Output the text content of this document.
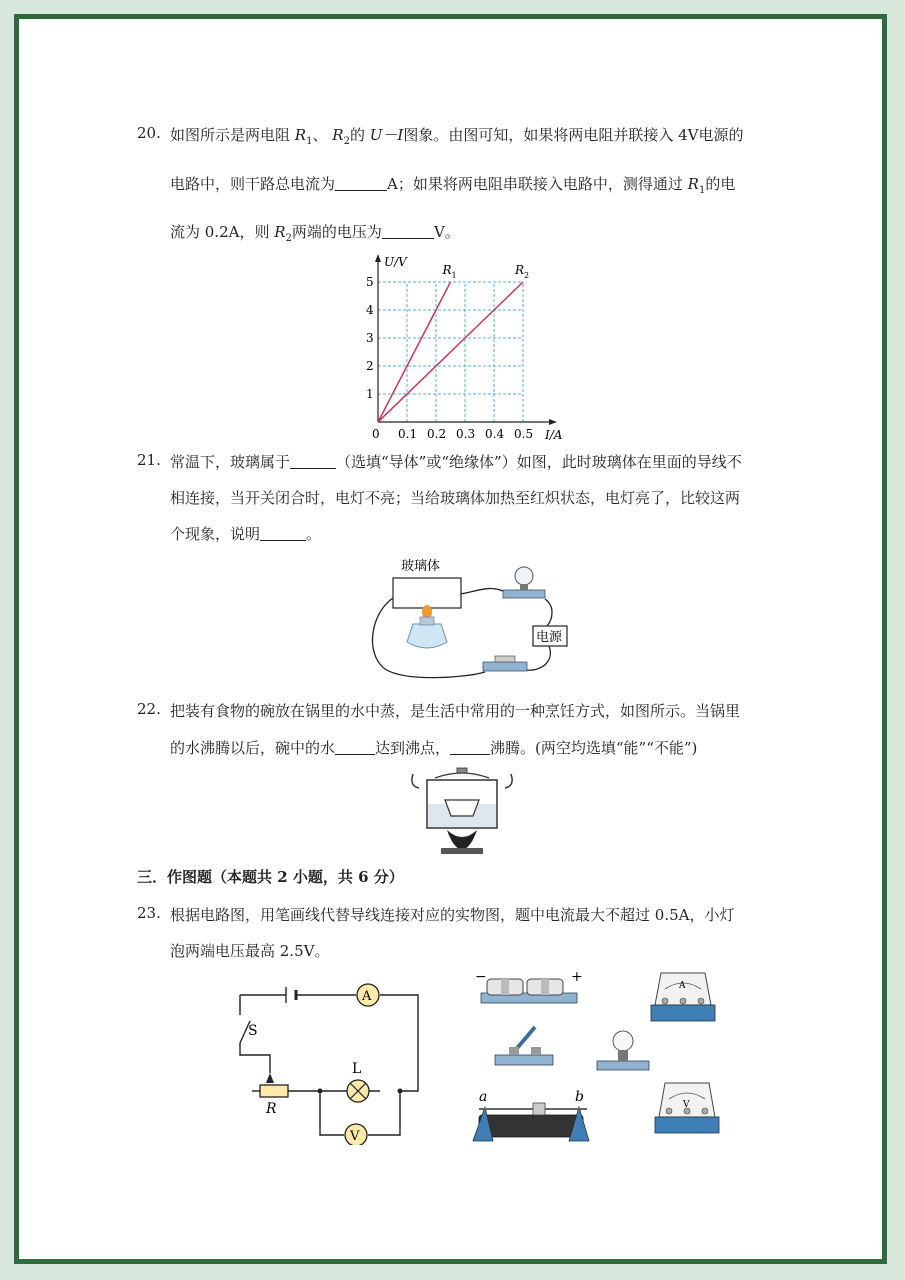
20. 如图所示是两电阻 $R_1$、 $R_2$的 U－I图象。由图可知，如果将两电阻并联接入 4V电源的
电路中，则干路总电流为	A；如果将两电阻串联接入电路中，测得通过 $R_1$的电
流为 0.2A，则 $R_2$两端的电压为	V。
0.1 0.2 0.3 0.4 0.5
1
2
3
4
5
0
U/V
I/A
R 1	R 2
21. 常温下，玻璃属于	（选填“导体”或“绝缘体”）如图，此时玻璃体在里面的导线不
相连接，当开关闭合时，电灯不亮；当给玻璃体加热至红炽状态，电灯亮了，比较这两
个现象，说明	。
玻璃体
电源
22. 把装有食物的碗放在锅里的水中蒸，是生活中常用的一种烹饪方式，如图所示。当锅里
的水沸腾以后，碗中的水	达到沸点，	沸腾。(两空均选填“能”“不能”)
三．作图题（本题共 2 小题，共 6 分）
23. 根据电路图，用笔画线代替导线连接对应的实物图，题中电流最大不超过 0.5A，小灯
泡两端电压最高 2.5V。
A
S
R
L
V
−	+
A
a	b	V
